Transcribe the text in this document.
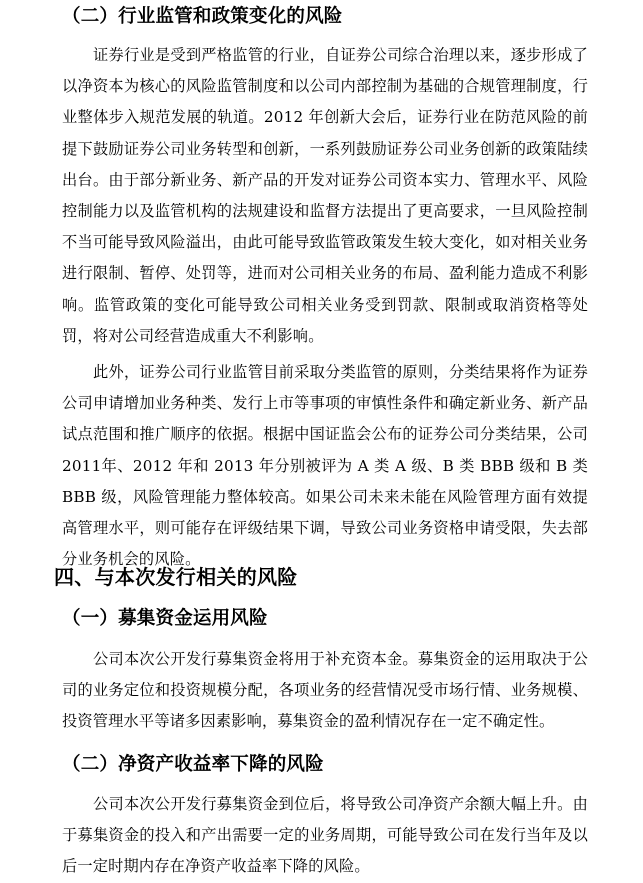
（二）行业监管和政策变化的风险
证券行业是受到严格监管的行业，自证券公司综合治理以来，逐步形成了以净资本为核心的风险监管制度和以公司内部控制为基础的合规管理制度，行业整体步入规范发展的轨道。2012 年创新大会后，证券行业在防范风险的前提下鼓励证券公司业务转型和创新，一系列鼓励证券公司业务创新的政策陆续出台。由于部分新业务、新产品的开发对证券公司资本实力、管理水平、风险控制能力以及监管机构的法规建设和监督方法提出了更高要求，一旦风险控制不当可能导致风险溢出，由此可能导致监管政策发生较大变化，如对相关业务进行限制、暂停、处罚等，进而对公司相关业务的布局、盈利能力造成不利影响。监管政策的变化可能导致公司相关业务受到罚款、限制或取消资格等处罚，将对公司经营造成重大不利影响。
此外，证券公司行业监管目前采取分类监管的原则，分类结果将作为证券公司申请增加业务种类、发行上市等事项的审慎性条件和确定新业务、新产品试点范围和推广顺序的依据。根据中国证监会公布的证券公司分类结果，公司 2011年、2012 年和 2013 年分别被评为 A 类 A 级、B 类 BBB 级和 B 类 BBB 级，风险管理能力整体较高。如果公司未来未能在风险管理方面有效提高管理水平，则可能存在评级结果下调，导致公司业务资格申请受限，失去部分业务机会的风险。
四、与本次发行相关的风险
（一）募集资金运用风险
公司本次公开发行募集资金将用于补充资本金。募集资金的运用取决于公司的业务定位和投资规模分配，各项业务的经营情况受市场行情、业务规模、投资管理水平等诸多因素影响，募集资金的盈利情况存在一定不确定性。
（二）净资产收益率下降的风险
公司本次公开发行募集资金到位后，将导致公司净资产余额大幅上升。由于募集资金的投入和产出需要一定的业务周期，可能导致公司在发行当年及以后一定时期内存在净资产收益率下降的风险。
